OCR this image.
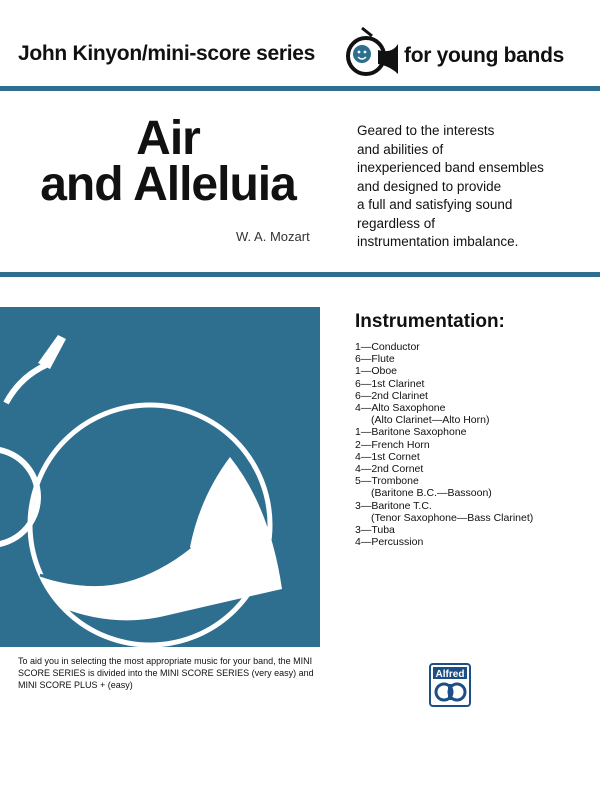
John Kinyon/mini-score series	for young bands
Air
and Alleluia
W. A. Mozart
Geared to the interests
and abilities of
inexperienced band ensembles
and designed to provide
a full and satisfying sound
regardless of
instrumentation imbalance.
Instrumentation:
1—Conductor
6—Flute
1—Oboe
6—1st Clarinet
6—2nd Clarinet
4—Alto Saxophone
(Alto Clarinet—Alto Horn)
1—Baritone Saxophone
2—French Horn
4—1st Cornet
4—2nd Cornet
5—Trombone
(Baritone B.C.—Bassoon)
3—Baritone T.C.
(Tenor Saxophone—Bass Clarinet)
3—Tuba
4—Percussion
To aid you in selecting the most appropriate music for your band, the MINI SCORE SERIES is divided into the MINI SCORE SERIES (very easy) and MINI SCORE PLUS + (easy)
Alfred
